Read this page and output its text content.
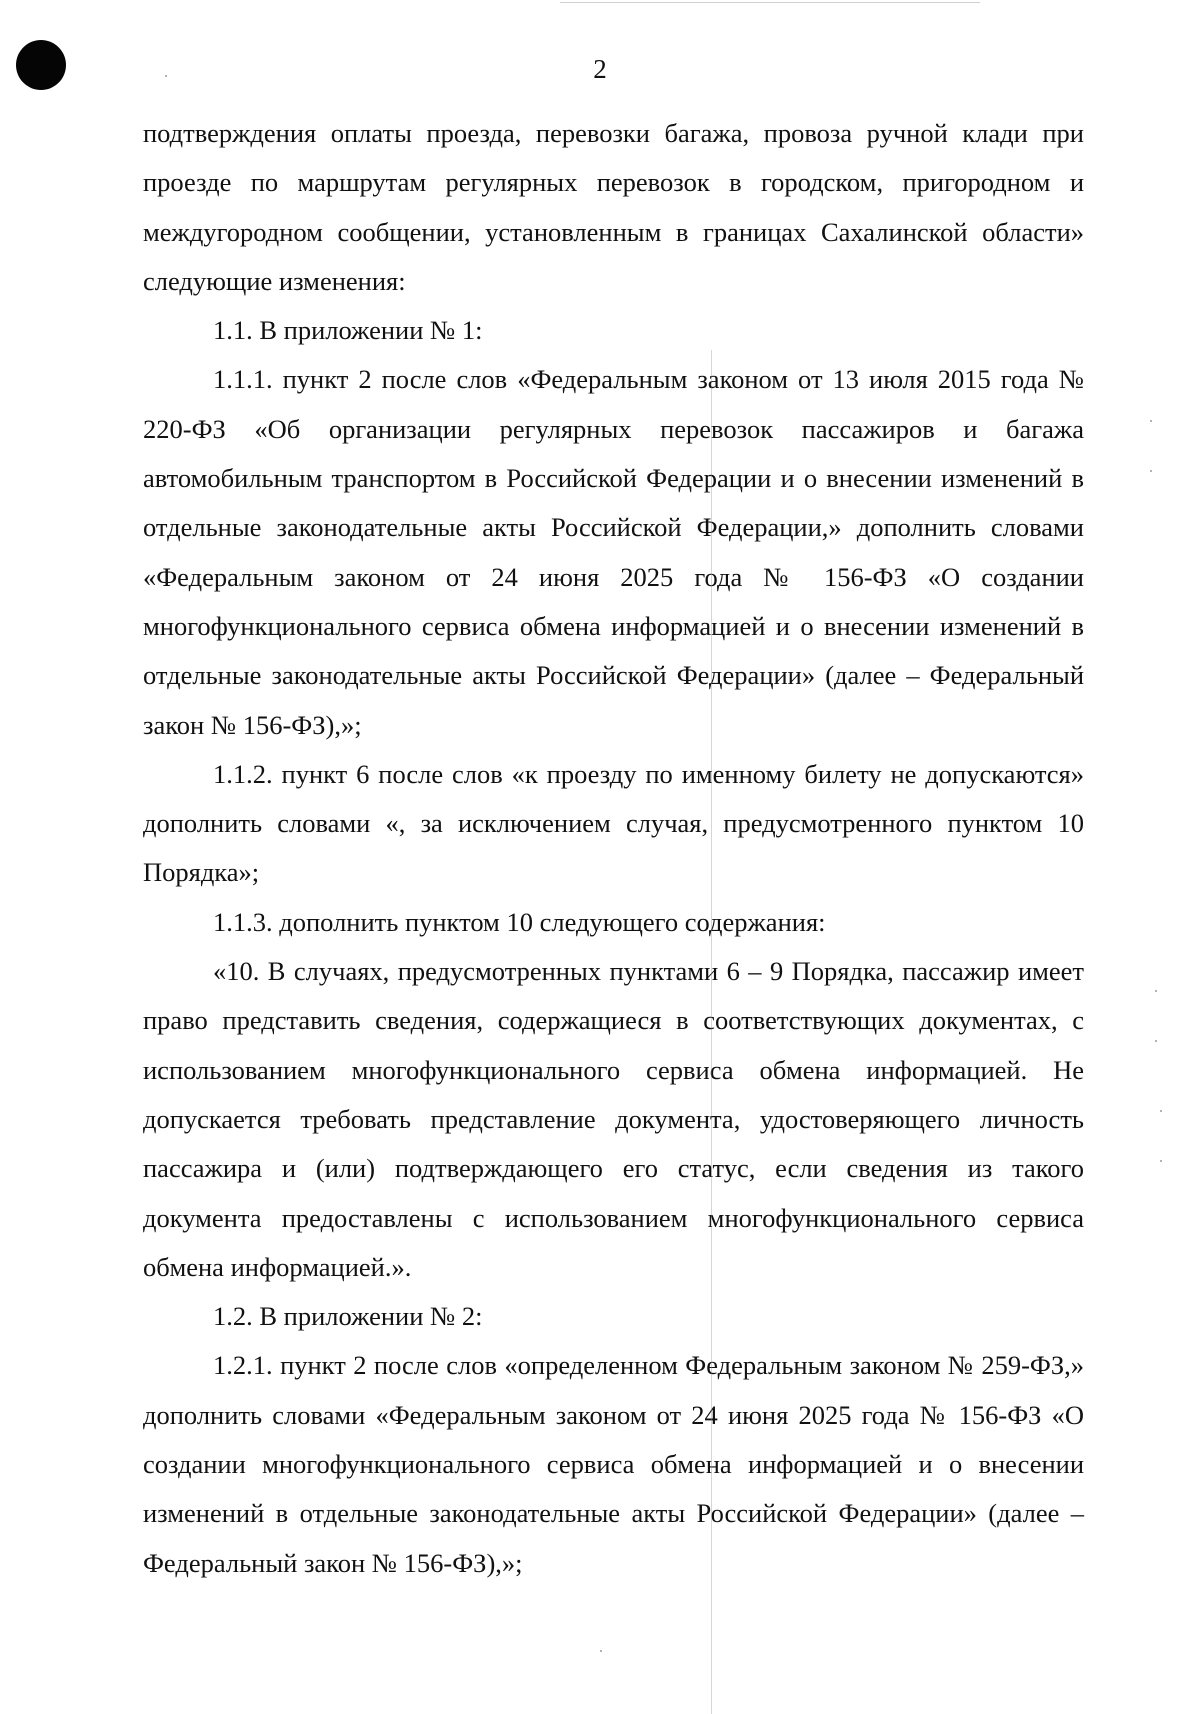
2

подтверждения оплаты проезда, перевозки багажа, провоза ручной клади при проезде по маршрутам регулярных перевозок в городском, пригородном и междугородном сообщении, установленным в границах Сахалинской области» следующие изменения:

1.1. В приложении № 1:

1.1.1. пункт 2 после слов «Федеральным законом от 13 июля 2015 года № 220-ФЗ «Об организации регулярных перевозок пассажиров и багажа автомобильным транспортом в Российской Федерации и о внесении изменений в отдельные законодательные акты Российской Федерации,» дополнить словами «Федеральным законом от 24 июня 2025 года № 156-ФЗ «О создании многофункционального сервиса обмена информацией и о внесении изменений в отдельные законодательные акты Российской Федерации» (далее – Федеральный закон № 156-ФЗ),»;

1.1.2. пункт 6 после слов «к проезду по именному билету не допускаются» дополнить словами «, за исключением случая, предусмотренного пунктом 10 Порядка»;

1.1.3. дополнить пунктом 10 следующего содержания:

«10. В случаях, предусмотренных пунктами 6 – 9 Порядка, пассажир имеет право представить сведения, содержащиеся в соответствующих документах, с использованием многофункционального сервиса обмена информацией. Не допускается требовать представление документа, удостоверяющего личность пассажира и (или) подтверждающего его статус, если сведения из такого документа предоставлены с использованием многофункционального сервиса обмена информацией.».

1.2. В приложении № 2:

1.2.1. пункт 2 после слов «определенном Федеральным законом № 259-ФЗ,» дополнить словами «Федеральным законом от 24 июня 2025 года № 156-ФЗ «О создании многофункционального сервиса обмена информацией и о внесении изменений в отдельные законодательные акты Российской Федерации» (далее – Федеральный закон № 156-ФЗ),»;
